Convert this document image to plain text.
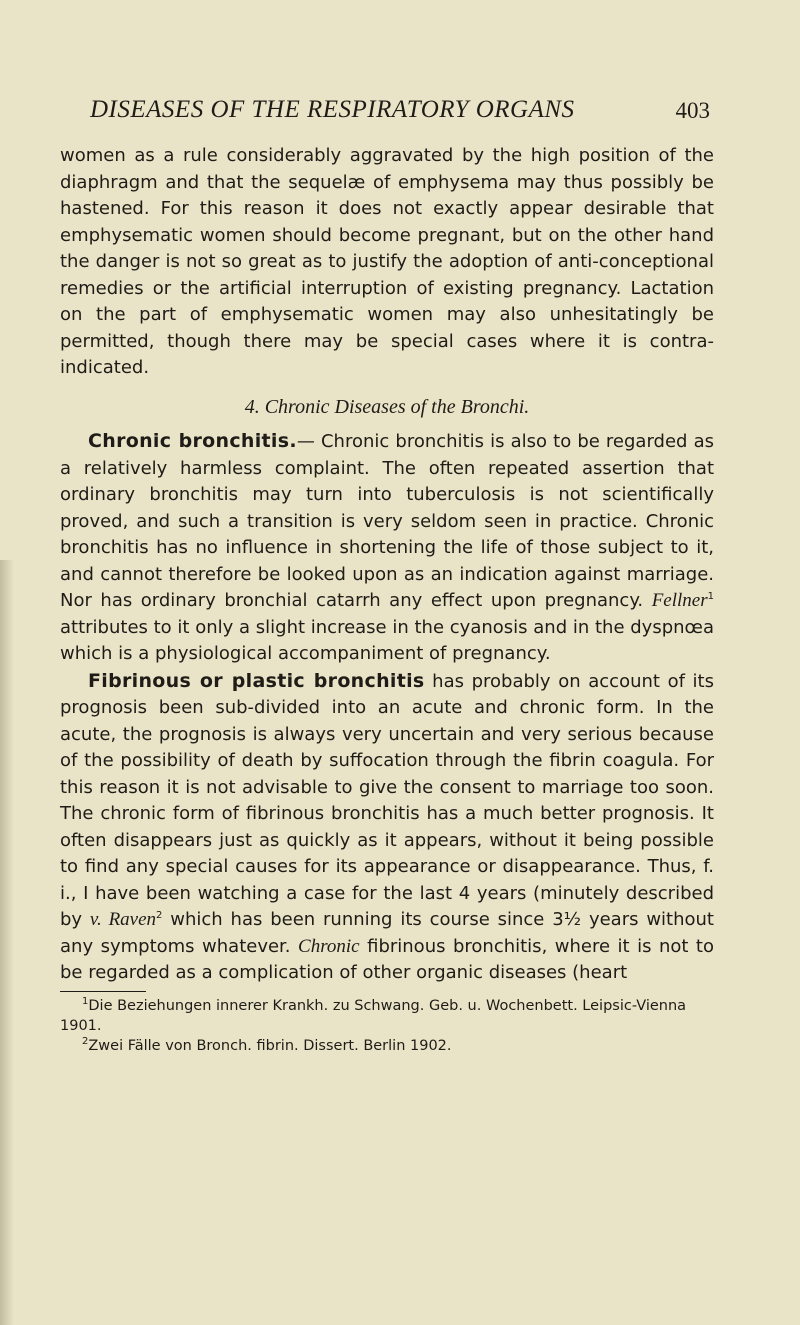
DISEASES OF THE RESPIRATORY ORGANS	403

women as a rule considerably aggravated by the high position of the diaphragm and that the sequelæ of emphysema may thus possibly be hastened. For this reason it does not exactly appear desirable that emphysematic women should become pregnant, but on the other hand the danger is not so great as to justify the adoption of anti-conceptional remedies or the artificial interruption of existing pregnancy. Lactation on the part of emphysematic women may also unhesitatingly be permitted, though there may be special cases where it is contra-indicated.

4. Chronic Diseases of the Bronchi.

Chronic bronchitis.— Chronic bronchitis is also to be regarded as a relatively harmless complaint. The often repeated assertion that ordinary bronchitis may turn into tuberculosis is not scientifically proved, and such a transition is very seldom seen in practice. Chronic bronchitis has no influence in shortening the life of those subject to it, and cannot therefore be looked upon as an indication against marriage. Nor has ordinary bronchial catarrh any effect upon pregnancy. Fellner$^1$ attributes to it only a slight increase in the cyanosis and in the dyspnœa which is a physiological accompaniment of pregnancy.

Fibrinous or plastic bronchitis has probably on account of its prognosis been sub-divided into an acute and chronic form. In the acute, the prognosis is always very uncertain and very serious because of the possibility of death by suffocation through the fibrin coagula. For this reason it is not advisable to give the consent to marriage too soon. The chronic form of fibrinous bronchitis has a much better prognosis. It often disappears just as quickly as it appears, without it being possible to find any special causes for its appearance or disappearance. Thus, f. i., I have been watching a case for the last 4 years (minutely described by v. Raven$^2$ which has been running its course since 3½ years without any symptoms whatever. Chronic fibrinous bronchitis, where it is not to be regarded as a complication of other organic diseases (heart

$^1$Die Beziehungen innerer Krankh. zu Schwang. Geb. u. Wochenbett. Leipsic-Vienna 1901.

$^2$Zwei Fälle von Bronch. fibrin. Dissert. Berlin 1902.
